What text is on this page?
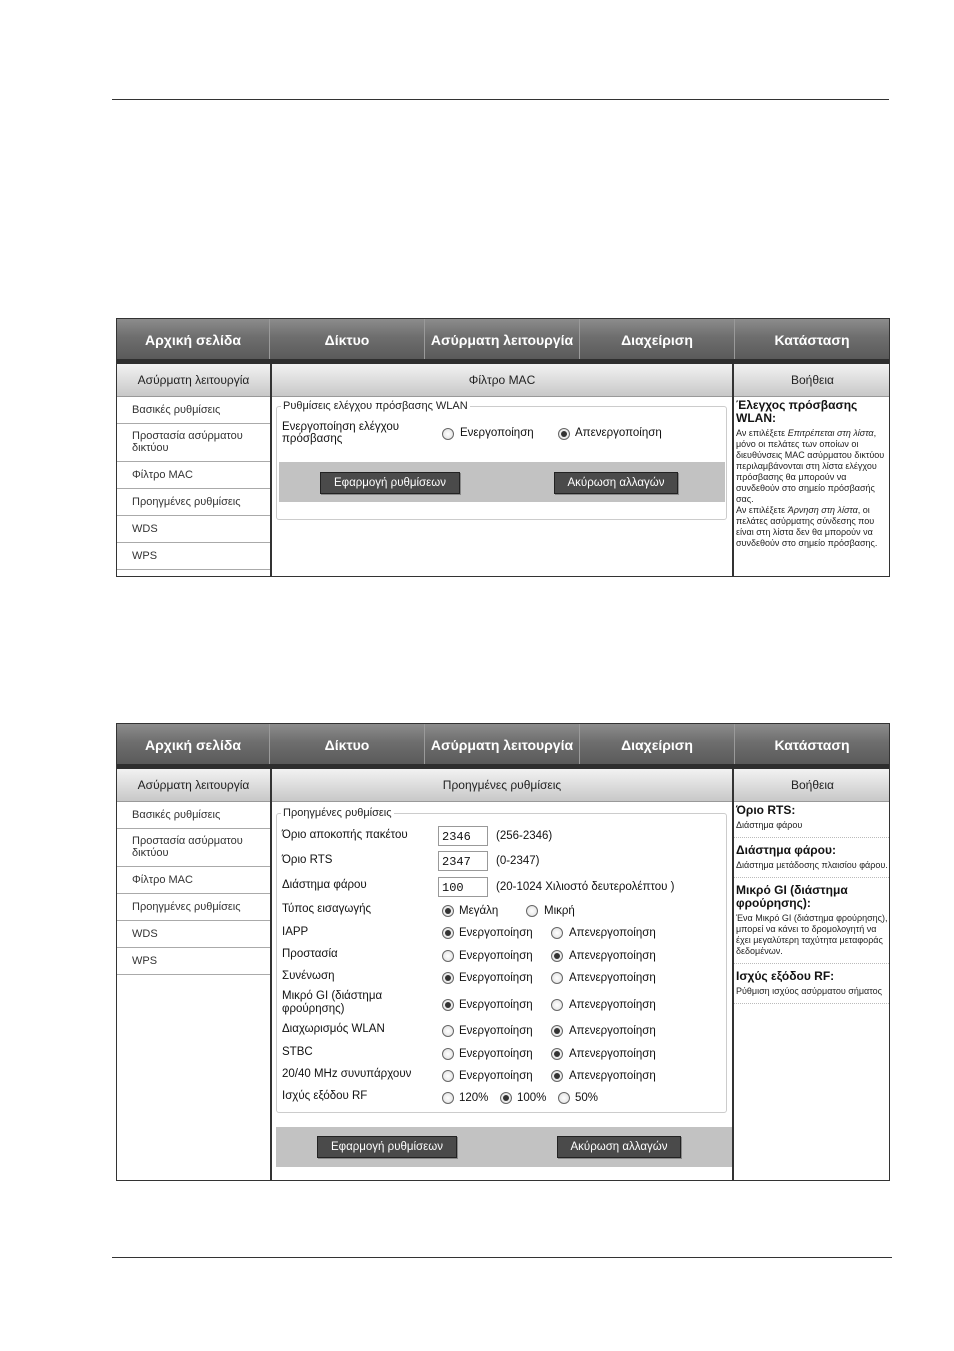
Αρχική σελίδα	Δίκτυο	Ασύρματη λειτουργία	Διαχείριση	Κατάσταση
Ασύρματη λειτουργία
Βασικές ρυθμίσεις
Προστασία ασύρματου δικτύου
Φίλτρο MAC
Προηγμένες ρυθμίσεις
WDS
WPS
Φίλτρο MAC
Ρυθμίσεις ελέγχου πρόσβασης WLAN
Ενεργοποίηση ελέγχου πρόσβασης	Ενεργοποίηση	Απενεργοποίηση
Εφαρμογή ρυθμίσεων	Ακύρωση αλλαγών
Βοήθεια
Έλεγχος πρόσβασης WLAN:
Αν επιλέξετε Επιτρέπεται στη λίστα, μόνο οι πελάτες των οποίων οι διευθύνσεις MAC ασύρματου δικτύου περιλαμβάνονται στη λίστα ελέγχου πρόσβασης θα μπορούν να συνδεθούν στο σημείο πρόσβασής σας.
Αν επιλέξετε Άρνηση στη λίστα, οι πελάτες ασύρματης σύνδεσης που είναι στη λίστα δεν θα μπορούν να συνδεθούν στο σημείο πρόσβασης.
Αρχική σελίδα	Δίκτυο	Ασύρματη λειτουργία	Διαχείριση	Κατάσταση
Ασύρματη λειτουργία
Βασικές ρυθμίσεις
Προστασία ασύρματου δικτύου
Φίλτρο MAC
Προηγμένες ρυθμίσεις
WDS
WPS
Προηγμένες ρυθμίσεις
Προηγμένες ρυθμίσεις
Όριο αποκοπής πακέτου	2346	(256-2346)
Όριο RTS	2347	(0-2347)
Διάστημα φάρου	100	(20-1024 Χιλιοστό δευτερολέπτου )
Τύπος εισαγωγής	Μεγάλη	Μικρή
IAPP	Ενεργοποίηση	Απενεργοποίηση
Προστασία	Ενεργοποίηση	Απενεργοποίηση
Συνένωση	Ενεργοποίηση	Απενεργοποίηση
Μικρό GI (διάστημα φρούρησης)	Ενεργοποίηση	Απενεργοποίηση
Διαχωρισμός WLAN	Ενεργοποίηση	Απενεργοποίηση
STBC	Ενεργοποίηση	Απενεργοποίηση
20/40 MHz συνυπάρχουν	Ενεργοποίηση	Απενεργοποίηση
Ισχύς εξόδου RF	120% 100% 50%
Εφαρμογή ρυθμίσεων	Ακύρωση αλλαγών
Βοήθεια
Όριο RTS:
Διάστημα φάρου
Διάστημα φάρου:
Διάστημα μετάδοσης πλαισίου φάρου.
Μικρό GI (διάστημα φρούρησης):
Ένα Μικρό GI (διάστημα φρούρησης), μπορεί να κάνει το δρομολογητή να έχει μεγαλύτερη ταχύτητα μεταφοράς δεδομένων.
Ισχύς εξόδου RF:
Ρύθμιση ισχύος ασύρματου σήματος
